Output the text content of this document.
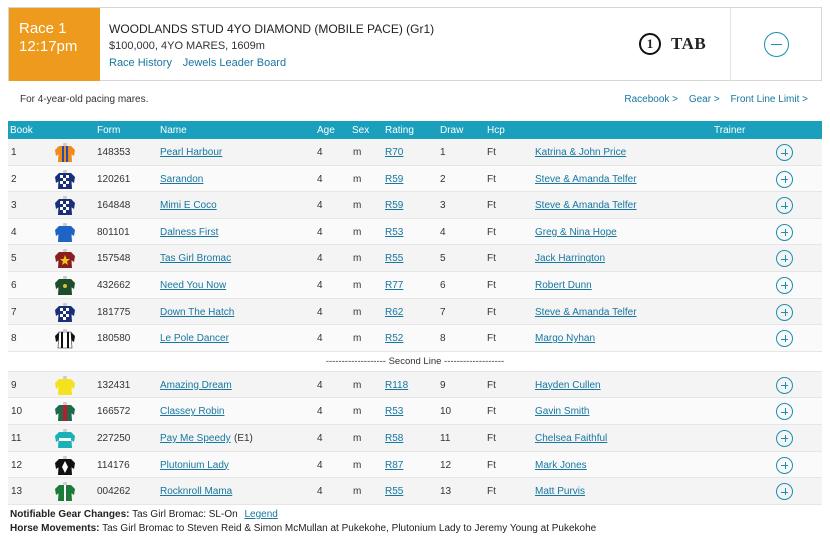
Race 1
12:17pm
WOODLANDS STUD 4YO DIAMOND (MOBILE PACE) (Gr1)
$100,000, 4YO MARES, 1609m
Race History Jewels Leader Board
1	TAB
For 4-year-old pacing mares.	Racebook > Gear > Front Line Limit >
Book	Form	Name	Age Sex Rating	Draw Hcp	Trainer
1	148353	Pearl Harbour	4	m R70	1	Ft	Katrina & John Price
2	120261	Sarandon	4	m R59	2	Ft	Steve & Amanda Telfer
3	164848	Mimi E Coco	4	m R59	3	Ft	Steve & Amanda Telfer
4	801101	Dalness First	4	m R53	4	Ft	Greg & Nina Hope
5	157548	Tas Girl Bromac	4	m R55	5	Ft	Jack Harrington
6	432662	Need You Now	4	m R77	6	Ft	Robert Dunn
7	181775	Down The Hatch	4	m R62	7	Ft	Steve & Amanda Telfer
8	180580	Le Pole Dancer	4	m R52	8	Ft	Margo Nyhan
------------------- Second Line -------------------
9	132431	Amazing Dream	4	m R118	9	Ft	Hayden Cullen
10	166572	Classey Robin	4	m R53	10	Ft	Gavin Smith
11	227250	Pay Me Speedy (E1)	4	m R58	11	Ft	Chelsea Faithful
12	114176	Plutonium Lady	4	m R87	12	Ft	Mark Jones
13	004262	Rocknroll Mama	4	m R55	13	Ft	Matt Purvis
Notifiable Gear Changes: Tas Girl Bromac: SL-On Legend
Horse Movements: Tas Girl Bromac to Steven Reid & Simon McMullan at Pukekohe, Plutonium Lady to Jeremy Young at Pukekohe
